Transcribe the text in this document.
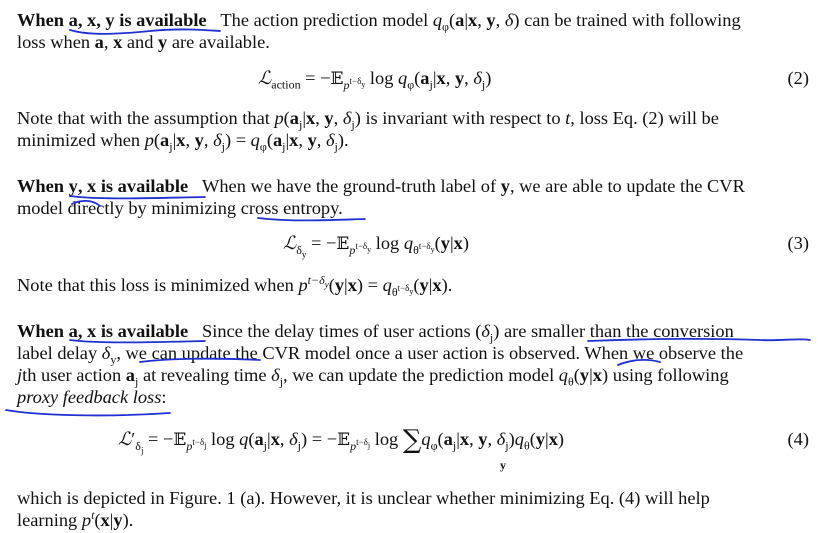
When a, x, y is available   The action prediction model $q_\varphi(a|x$, y, δ) can be trained with following
loss when a, x and y are available.
ℒ$_{action}$ = −𝔼$_{p^{t-\delta_y}}$ $\log q_\varphi(a_j|x$, y, $\delta_j$)	(2)
Note that with the assumption that $p(a_j|x$, y, $\delta_j$) is invariant with respect to t, loss Eq. (2) will be
minimized when $p(a_j|x$, y, $\delta_j) = q_\varphi(a_j|x$, y, $\delta_j$).
When y, x is available   When we have the ground-truth label of y, we are able to update the CVR
model directly by minimizing cross entropy.
ℒ$_{\delta_y}$ = −𝔼$_{p^{t-\delta_y}}$ $\log q_{\theta^{t-\delta_y}}(y|x)$	(3)
Note that this loss is minimized when $p^{t-\delta_y}(y|x) = q_{\theta^{t-\delta_y}}(y|x)$.
When a, x is available   Since the delay times of user actions $(\delta_j)$ are smaller than the conversion
label delay $\delta_y$, we can update the CVR model once a user action is observed. When we observe the
jth user action $a_j$ at revealing time $\delta_j$, we can update the prediction model $q_\theta(y|x)$ using following
proxy feedback loss:
$ℒ'_{\delta_j}$ = −𝔼$_{p^{t-\delta_j}}$ $\log q(a_j|x$, $\delta_j$) = −𝔼$_{p^{t-\delta_j}}$ $\log \sum q_\varphi(a_j|x$, y, $\delta_j)q_\theta(y|x)$
y
(4)
which is depicted in Figure. 1 (a). However, it is unclear whether minimizing Eq. (4) will help
learning $p^t(x|y)$.
